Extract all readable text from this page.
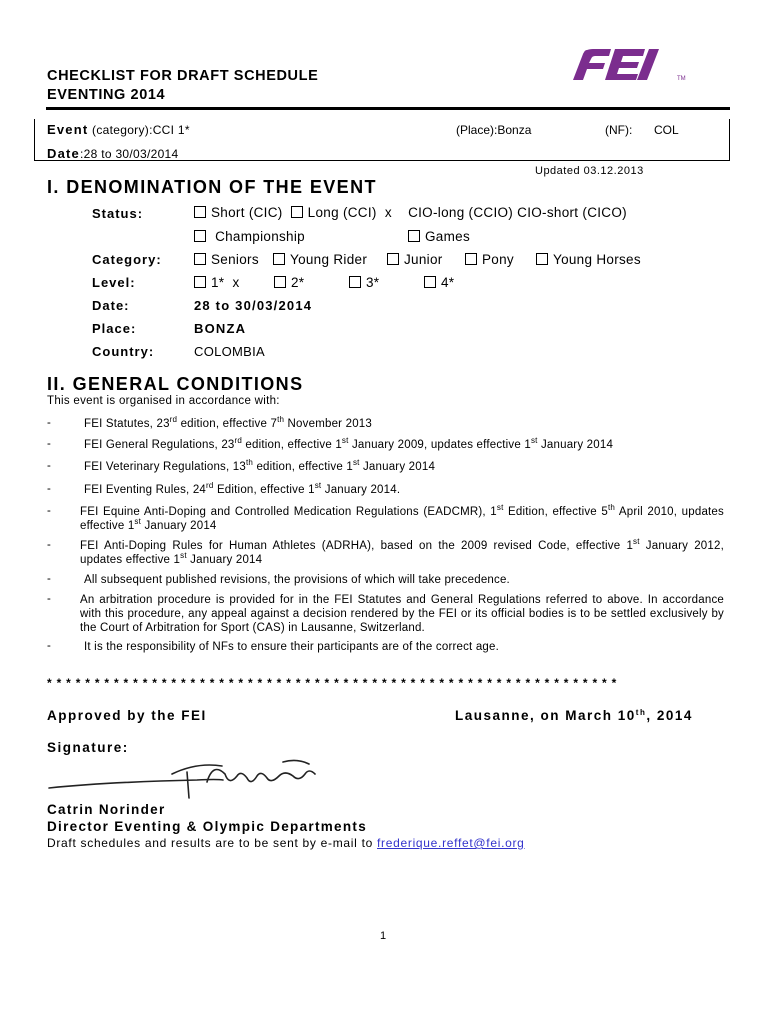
CHECKLIST FOR DRAFT SCHEDULE
EVENTING 2014
TM
Event (category):CCI 1*	(Place):Bonza	(NF): COL
Date:28 to 30/03/2014
Updated 03.12.2013
I. DENOMINATION OF THE EVENT
Status:	Short (CIC) Long (CCI) x CIO-long (CCIO) CIO-short (CICO)
Championship	Games
Category:	Seniors	Young Rider	Junior	Pony	Young Horses
Level:	1* x	2*	3*	4*
Date:	28 to 30/03/2014
Place:	BONZA
Country:	COLOMBIA
II. GENERAL CONDITIONS
This event is organised in accordance with:
-	FEI Statutes, 23rd edition, effective 7th November 2013
-	FEI General Regulations, 23rd edition, effective 1st January 2009, updates effective 1st January 2014
-	FEI Veterinary Regulations, 13th edition, effective 1st January 2014
-	FEI Eventing Rules, 24rd Edition, effective 1st January 2014.
-	FEI Equine Anti-Doping and Controlled Medication Regulations (EADCMR), 1st Edition, effective 5th April 2010, updates effective 1st January 2014
-	FEI Anti-Doping Rules for Human Athletes (ADRHA), based on the 2009 revised Code, effective 1st January 2012, updates effective 1st January 2014
-	All subsequent published revisions, the provisions of which will take precedence.
-	An arbitration procedure is provided for in the FEI Statutes and General Regulations referred to above. In accordance with this procedure, any appeal against a decision rendered by the FEI or its official bodies is to be settled exclusively by the Court of Arbitration for Sport (CAS) in Lausanne, Switzerland.
-	It is the responsibility of NFs to ensure their participants are of the correct age.
************************************************************
Approved by the FEI	Lausanne, on March 10th, 2014
Signature:
Catrin Norinder
Director Eventing & Olympic Departments
Draft schedules and results are to be sent by e-mail to frederique.reffet@fei.org
1
